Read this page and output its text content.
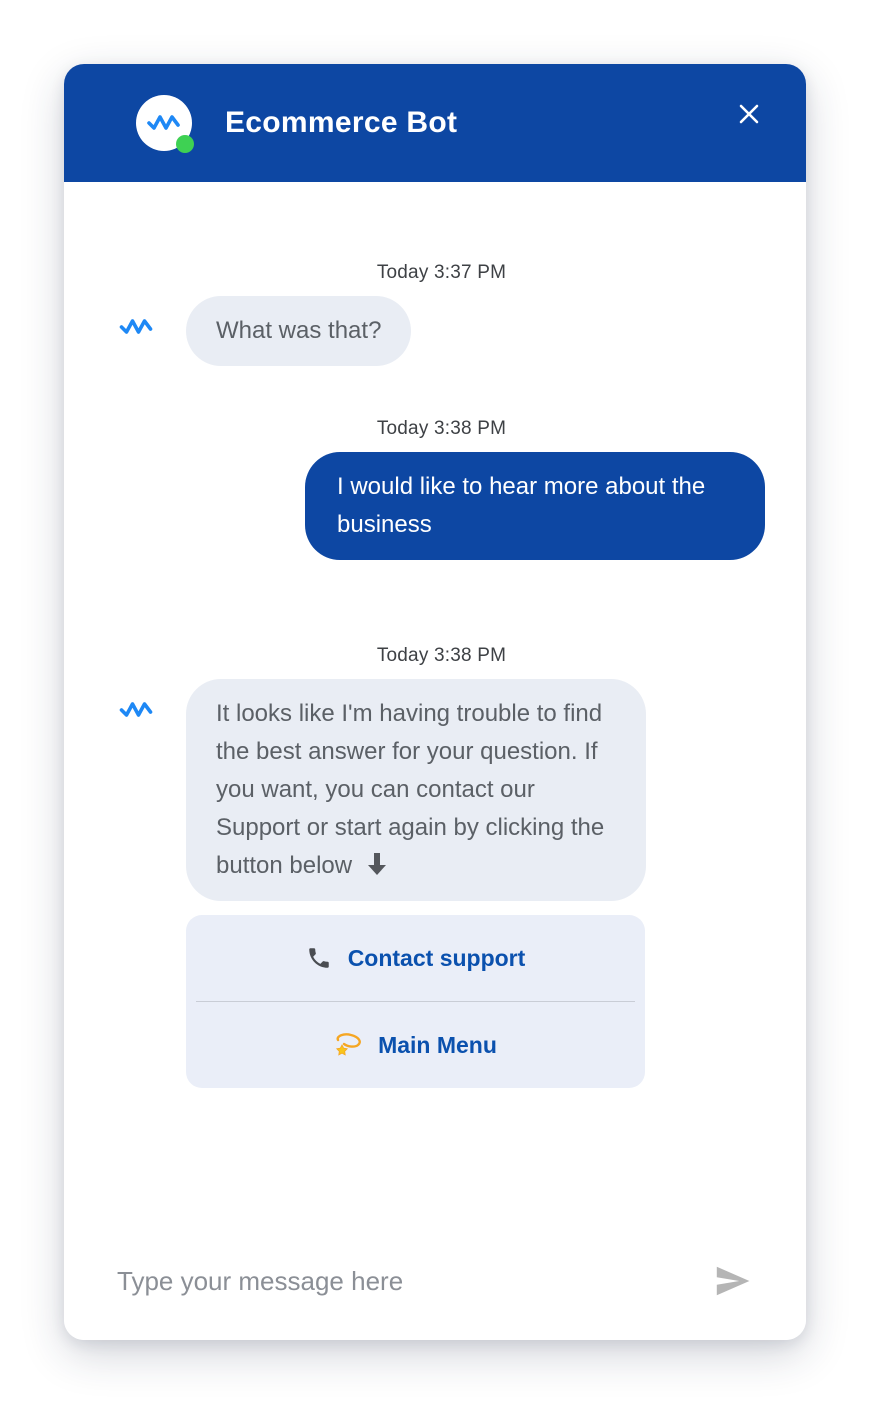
Ecommerce Bot
Today 3:37 PM
What was that?
Today 3:38 PM
I would like to hear more about the business
Today 3:38 PM
It looks like I'm having trouble to find the best answer for your question. If you want, you can contact our Support or start again by clicking the button below
Contact support
Main Menu
Type your message here
